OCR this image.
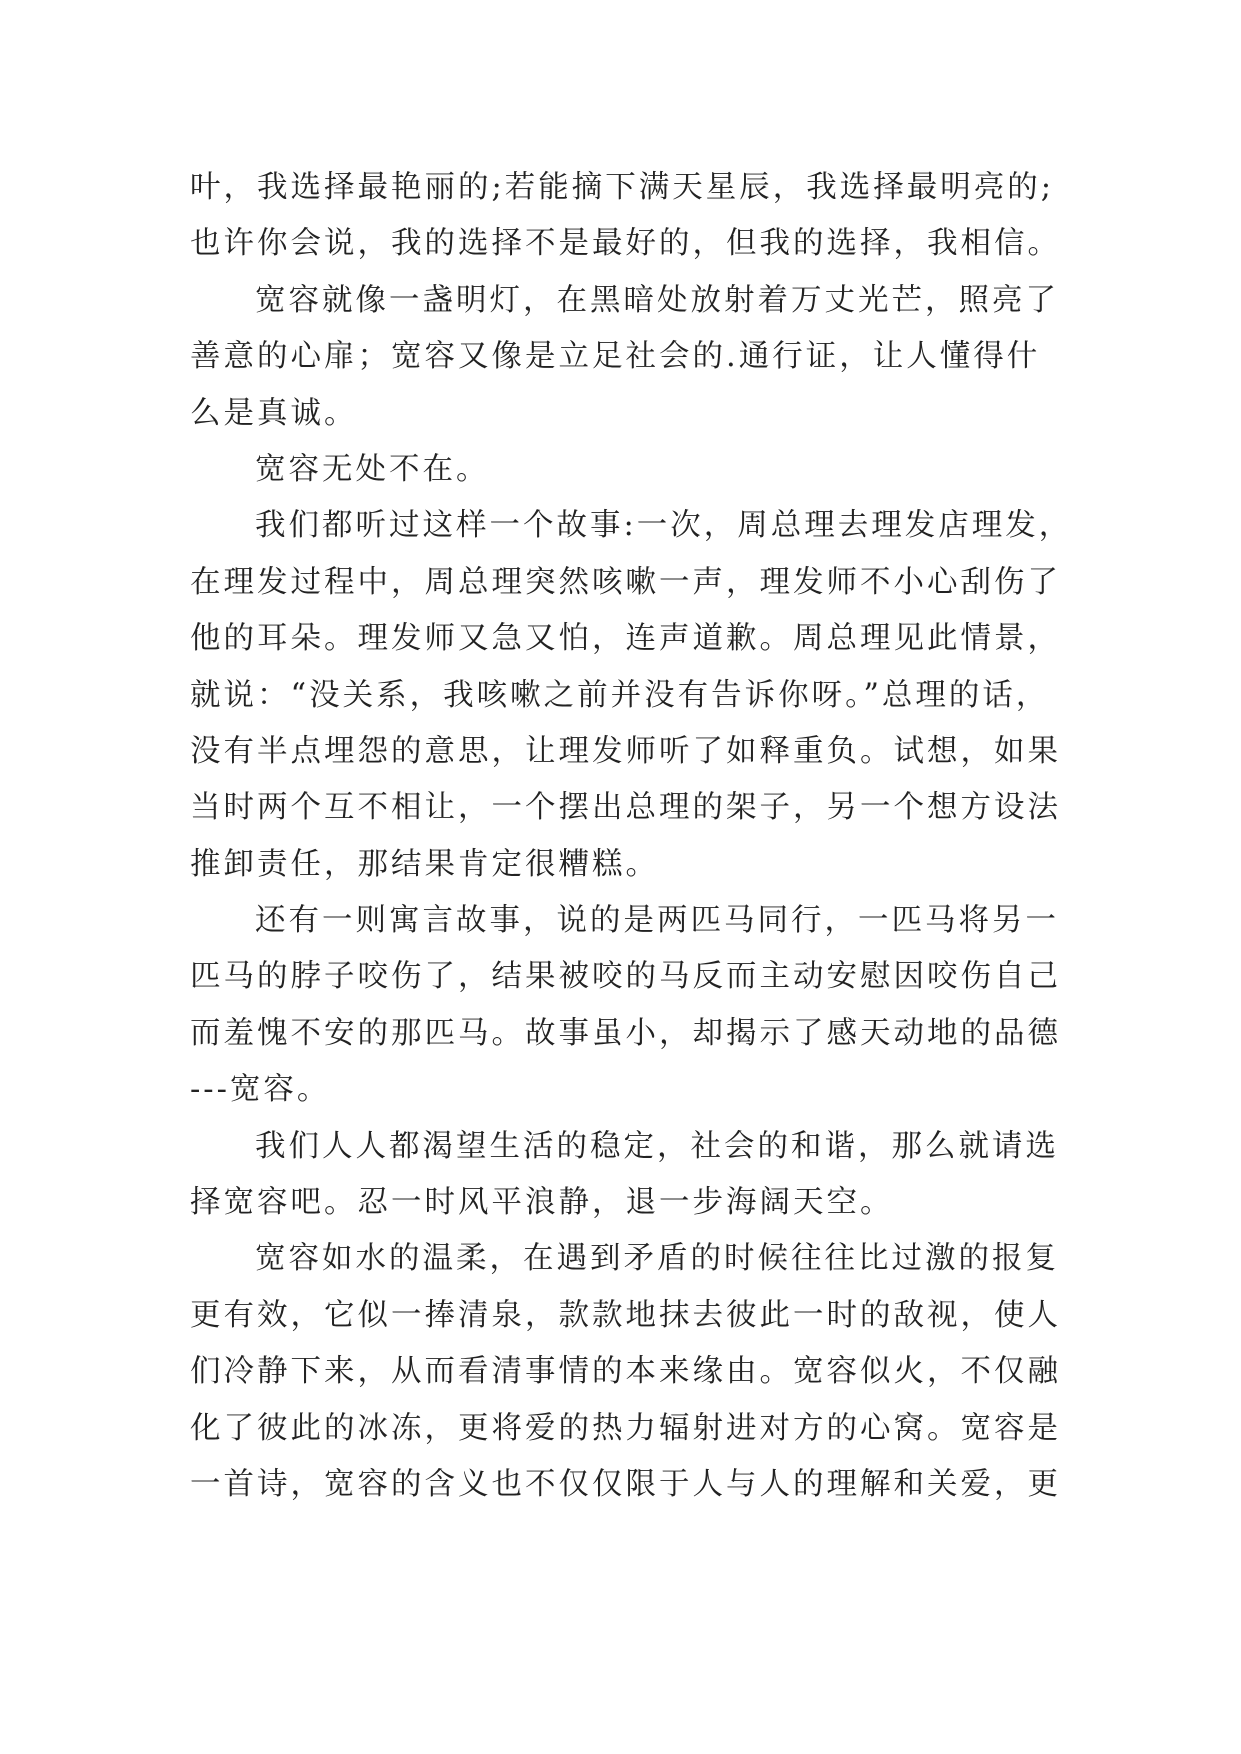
叶，我选择最艳丽的;若能摘下满天星辰，我选择最明亮的;
也许你会说，我的选择不是最好的，但我的选择，我相信。
宽容就像一盏明灯，在黑暗处放射着万丈光芒，照亮了
善意的心扉；宽容又像是立足社会的.通行证，让人懂得什
么是真诚。
宽容无处不在。
我们都听过这样一个故事:一次，周总理去理发店理发，
在理发过程中，周总理突然咳嗽一声，理发师不小心刮伤了
他的耳朵。理发师又急又怕，连声道歉。周总理见此情景，
就说：“没关系，我咳嗽之前并没有告诉你呀。”总理的话，
没有半点埋怨的意思，让理发师听了如释重负。试想，如果
当时两个互不相让，一个摆出总理的架子，另一个想方设法
推卸责任，那结果肯定很糟糕。
还有一则寓言故事，说的是两匹马同行，一匹马将另一
匹马的脖子咬伤了，结果被咬的马反而主动安慰因咬伤自己
而羞愧不安的那匹马。故事虽小，却揭示了感天动地的品德
---宽容。
我们人人都渴望生活的稳定，社会的和谐，那么就请选
择宽容吧。忍一时风平浪静，退一步海阔天空。
宽容如水的温柔，在遇到矛盾的时候往往比过激的报复
更有效，它似一捧清泉，款款地抹去彼此一时的敌视，使人
们冷静下来，从而看清事情的本来缘由。宽容似火，不仅融
化了彼此的冰冻，更将爱的热力辐射进对方的心窝。宽容是
一首诗，宽容的含义也不仅仅限于人与人的理解和关爱，更
